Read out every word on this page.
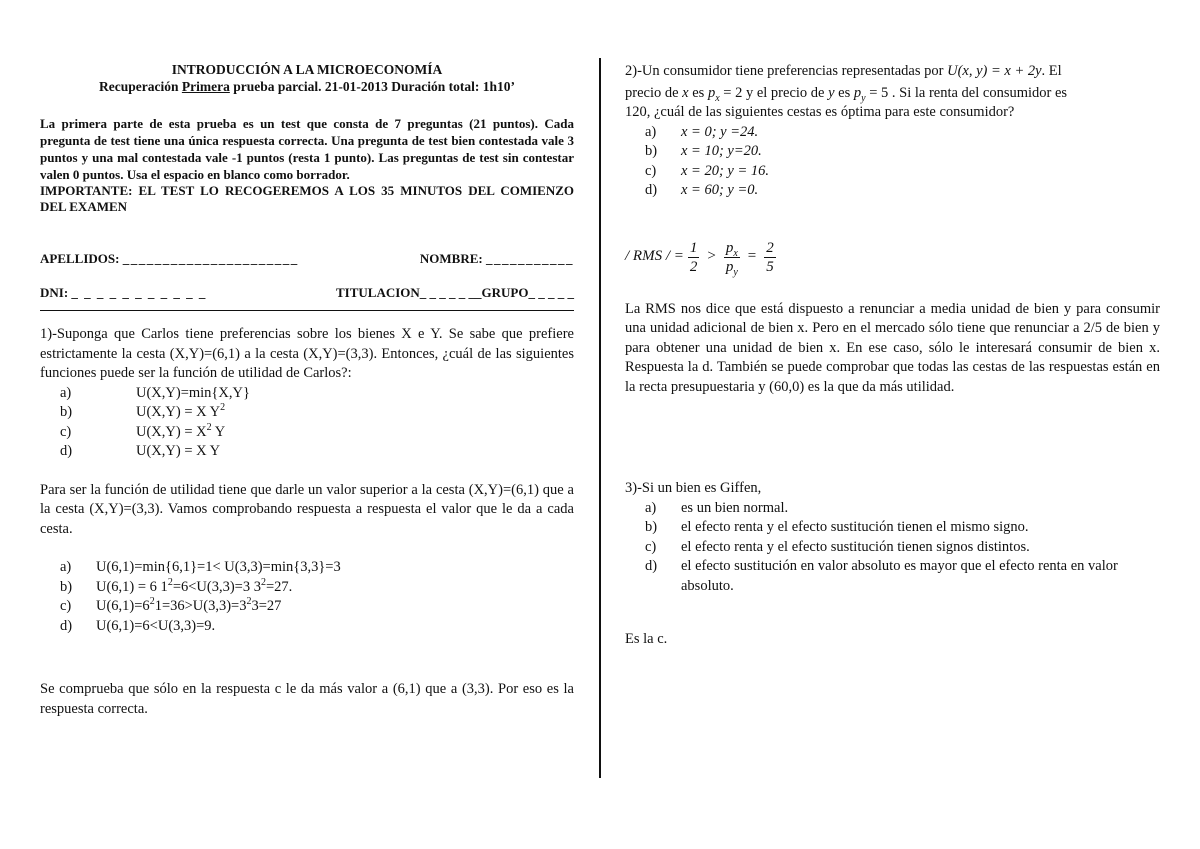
INTRODUCCIÓN A LA MICROECONOMÍA
Recuperación Primera prueba parcial. 21-01-2013 Duración total: 1h10’
La primera parte de esta prueba es un test que consta de 7 preguntas (21 puntos). Cada pregunta de test tiene una única respuesta correcta. Una pregunta de test bien contestada vale 3 puntos y una mal contestada vale -1 puntos (resta 1 punto). Las preguntas de test sin contestar valen 0 puntos. Usa el espacio en blanco como borrador.
IMPORTANTE: EL TEST LO RECOGEREMOS A LOS 35 MINUTOS DEL COMIENZO DEL EXAMEN
APELLIDOS: ______________________	NOMBRE: ___________
DNI: _ _ _ _ _ _ _ _ _ _ _	TITULACION_ _ _ _ _ __GRUPO_ _ _ _ _
1)-Suponga que Carlos tiene preferencias sobre los bienes X e Y. Se sabe que prefiere estrictamente la cesta (X,Y)=(6,1) a la cesta (X,Y)=(3,3). Entonces, ¿cuál de las siguientes funciones puede ser la función de utilidad de Carlos?:
a)	U(X,Y)=min{X,Y}
b)	U(X,Y) = X $Y^2$
c)	$U(X,Y) = X^2$ Y
d)	U(X,Y) = X Y
Para ser la función de utilidad tiene que darle un valor superior a la cesta (X,Y)=(6,1) que a la cesta (X,Y)=(3,3). Vamos comprobando respuesta a respuesta el valor que le da a cada cesta.
a)	U(6,1)=min{6,1}=1< U(3,3)=min{3,3}=3
b)	U(6,1) = 6 $1^2=6<U(3,3)=3$ $3^2=27$.
c)	$U(6,1)=6^21=36>U(3,3)=3^23=27$
d)	U(6,1)=6<U(3,3)=9.
Se comprueba que sólo en la respuesta c le da más valor a (6,1) que a (3,3). Por eso es la respuesta correcta.
2)-Un consumidor tiene preferencias representadas por U(x, y) = x + 2y. El
precio de x es $p_x = 2$ y el precio de y es $p_y = 5$ . Si la renta del consumidor es
120, ¿cuál de las siguientes cestas es óptima para este consumidor?
a)	x = 0; y =24.
b)	x = 10; y=20.
c)	x = 20; y = 16.
d)	x = 60; y =0.
/ RMS / = $\frac{1}{2} > \frac{p_x}{p_y} = \frac{2}{5}$
La RMS nos dice que está dispuesto a renunciar a media unidad de bien y para consumir una unidad adicional de bien x. Pero en el mercado sólo tiene que renunciar a 2/5 de bien y para obtener una unidad de bien x. En ese caso, sólo le interesará consumir de bien x. Respuesta la d. También se puede comprobar que todas las cestas de las respuestas están en la recta presupuestaria y (60,0) es la que da más utilidad.
3)-Si un bien es Giffen,
a)	es un bien normal.
b)	el efecto renta y el efecto sustitución tienen el mismo signo.
c)	el efecto renta y el efecto sustitución tienen signos distintos.
d)	el efecto sustitución en valor absoluto es mayor que el efecto renta en valor absoluto.
Es la c.
